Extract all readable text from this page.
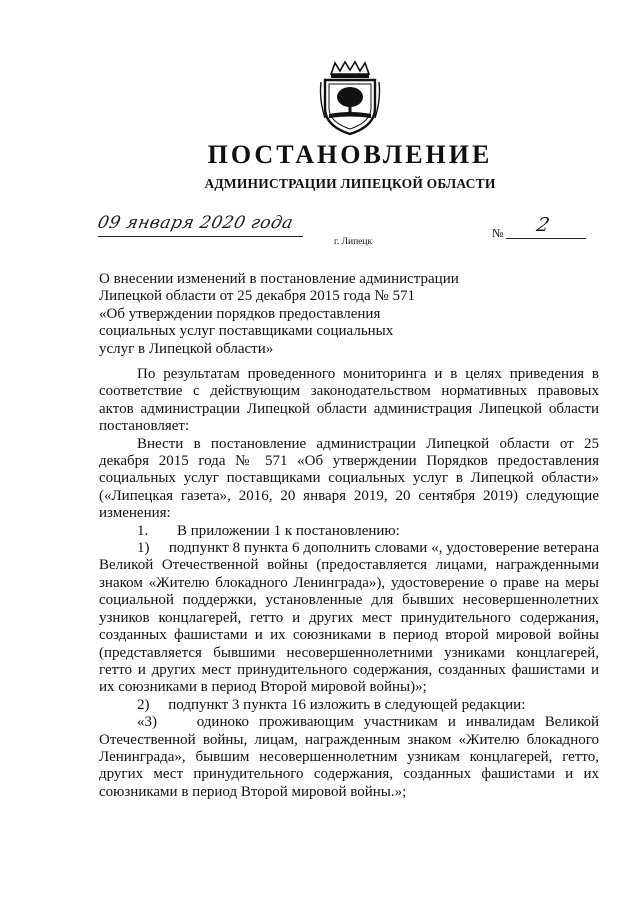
ПОСТАНОВЛЕНИЕ
АДМИНИСТРАЦИИ ЛИПЕЦКОЙ ОБЛАСТИ
09 января 2020 года
г. Липецк
№ 2
О внесении изменений в постановление администрации
Липецкой области от 25 декабря 2015 года № 571
«Об утверждении порядков предоставления
социальных услуг поставщиками социальных
услуг в Липецкой области»

По результатам проведенного мониторинга и в целях приведения в соответствие с действующим законодательством нормативных правовых актов администрации Липецкой области администрация Липецкой области постановляет:

Внести в постановление администрации Липецкой области от 25 декабря 2015 года № 571 «Об утверждении Порядков предоставления социальных услуг поставщиками социальных услуг в Липецкой области» («Липецкая газета», 2016, 20 января 2019, 20 сентября 2019) следующие изменения:

1.	В приложении 1 к постановлению:

1) подпункт 8 пункта 6 дополнить словами «, удостоверение ветерана Великой Отечественной войны (предоставляется лицами, награжденными знаком «Жителю блокадного Ленинграда»), удостоверение о праве на меры социальной поддержки, установленные для бывших несовершеннолетних узников концлагерей, гетто и других мест принудительного содержания, созданных фашистами и их союзниками в период второй мировой войны (представляется бывшими несовершеннолетними узниками концлагерей, гетто и других мест принудительного содержания, созданных фашистами и их союзниками в период Второй мировой войны)»;

2) подпункт 3 пункта 16 изложить в следующей редакции:

«3)	одиноко проживающим участникам и инвалидам Великой Отечественной войны, лицам, награжденным знаком «Жителю блокадного Ленинграда», бывшим несовершеннолетним узникам концлагерей, гетто, других мест принудительного содержания, созданных фашистами и их союзниками в период Второй мировой войны.»;
